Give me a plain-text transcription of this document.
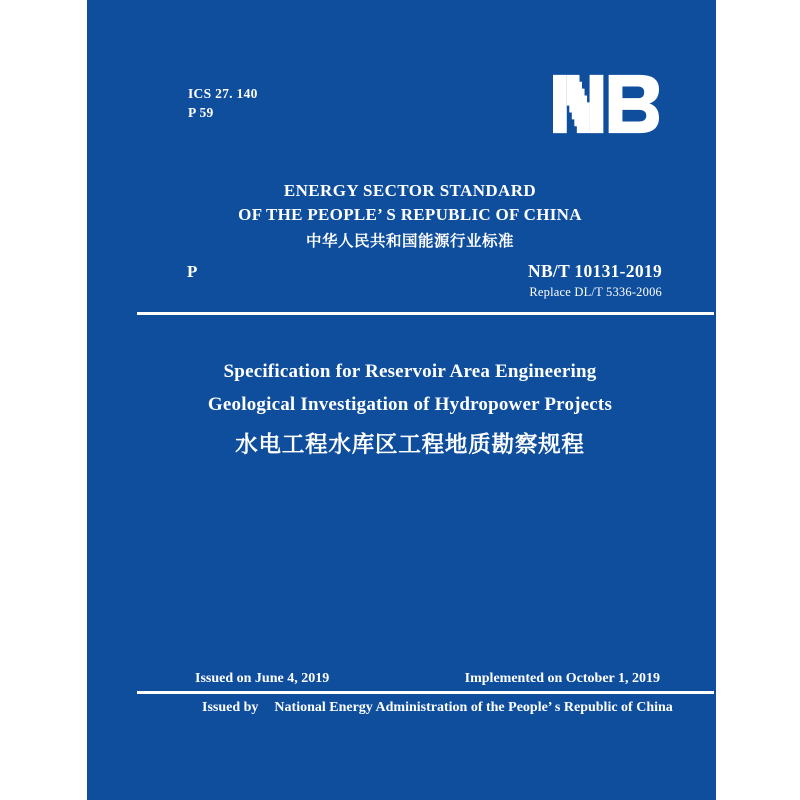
ICS 27. 140
P 59
ENERGY SECTOR STANDARD
OF THE PEOPLE’ S REPUBLIC OF CHINA
中华人民共和国能源行业标准
P	NB/T 10131-2019
Replace DL/T 5336-2006
Specification for Reservoir Area Engineering
Geological Investigation of Hydropower Projects
水电工程水库区工程地质勘察规程
Issued on June 4, 2019	Implemented on October 1, 2019
Issued by National Energy Administration of the People’ s Republic of China
